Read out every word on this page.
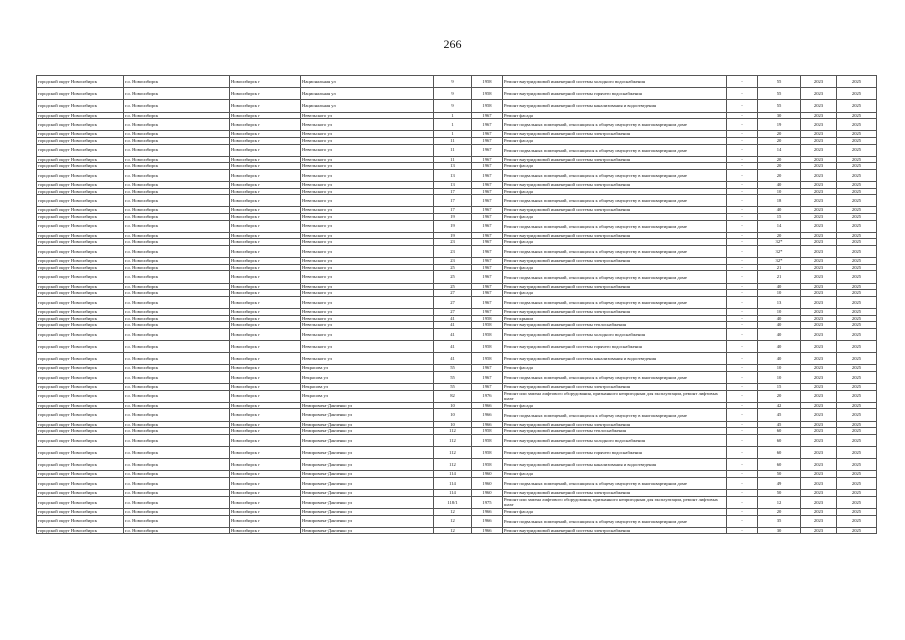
266
городской округ Новосибирск	г.о. Новосибирск	Новосибирск г	Национальная ул	9	1958	Ремонт внутридомовой инженерной системы холодного водоснабжения	-	55	2023	2025
городской округ Новосибирск	г.о. Новосибирск	Новосибирск г	Национальная ул	9	1958	Ремонт внутридомовой инженерной системы горячего водоснабжения	-	55	2023	2025
городской округ Новосибирск	г.о. Новосибирск	Новосибирск г	Национальная ул	9	1958	Ремонт внутридомовой инженерной системы канализования и водоотведения	-	55	2023	2025
городской округ Новосибирск	г.о. Новосибирск	Новосибирск г	Невельского ул	1	1967	Ремонт фасада	-	30	2023	2025
городской округ Новосибирск	г.о. Новосибирск	Новосибирск г	Невельского ул	1	1967	Ремонт подвальных помещений, относящихся к общему имуществу в многоквартирном доме	-	19	2023	2025
городской округ Новосибирск	г.о. Новосибирск	Новосибирск г	Невельского ул	1	1967	Ремонт внутридомовой инженерной системы электроснабжения	-	20	2023	2025
городской округ Новосибирск	г.о. Новосибирск	Новосибирск г	Невельского ул	11	1967	Ремонт фасада	-	20	2023	2025
городской округ Новосибирск	г.о. Новосибирск	Новосибирск г	Невельского ул	11	1967	Ремонт подвальных помещений, относящихся к общему имуществу в многоквартирном доме	-	14	2023	2025
городской округ Новосибирск	г.о. Новосибирск	Новосибирск г	Невельского ул	11	1967	Ремонт внутридомовой инженерной системы электроснабжения	-	20	2023	2025
городской округ Новосибирск	г.о. Новосибирск	Новосибирск г	Невельского ул	13	1967	Ремонт фасада	-	20	2023	2025
городской округ Новосибирск	г.о. Новосибирск	Новосибирск г	Невельского ул	13	1967	Ремонт подвальных помещений, относящихся к общему имуществу в многоквартирном доме	-	20	2023	2025
городской округ Новосибирск	г.о. Новосибирск	Новосибирск г	Невельского ул	13	1967	Ремонт внутридомовой инженерной системы электроснабжения	-	40	2023	2025
городской округ Новосибирск	г.о. Новосибирск	Новосибирск г	Невельского ул	17	1967	Ремонт фасада	-	10	2023	2025
городской округ Новосибирск	г.о. Новосибирск	Новосибирск г	Невельского ул	17	1967	Ремонт подвальных помещений, относящихся к общему имуществу в многоквартирном доме	-	18	2023	2025
городской округ Новосибирск	г.о. Новосибирск	Новосибирск г	Невельского ул	17	1967	Ремонт внутридомовой инженерной системы электроснабжения	-	40	2023	2025
городской округ Новосибирск	г.о. Новосибирск	Новосибирск г	Невельского ул	19	1967	Ремонт фасада	-	15	2023	2025
городской округ Новосибирск	г.о. Новосибирск	Новосибирск г	Невельского ул	19	1967	Ремонт подвальных помещений, относящихся к общему имуществу в многоквартирном доме	-	14	2023	2025
городской округ Новосибирск	г.о. Новосибирск	Новосибирск г	Невельского ул	19	1967	Ремонт внутридомовой инженерной системы электроснабжения	-	20	2023	2025
городской округ Новосибирск	г.о. Новосибирск	Новосибирск г	Невельского ул	23	1967	Ремонт фасада	-	32*	2023	2025
городской округ Новосибирск	г.о. Новосибирск	Новосибирск г	Невельского ул	23	1967	Ремонт подвальных помещений, относящихся к общему имуществу в многоквартирном доме	-	32*	2023	2025
городской округ Новосибирск	г.о. Новосибирск	Новосибирск г	Невельского ул	23	1967	Ремонт внутридомовой инженерной системы электроснабжения	-	32*	2023	2025
городской округ Новосибирск	г.о. Новосибирск	Новосибирск г	Невельского ул	25	1967	Ремонт фасада	-	21	2023	2025
городской округ Новосибирск	г.о. Новосибирск	Новосибирск г	Невельского ул	25	1967	Ремонт подвальных помещений, относящихся к общему имуществу в многоквартирном доме	-	21	2023	2025
городской округ Новосибирск	г.о. Новосибирск	Новосибирск г	Невельского ул	25	1967	Ремонт внутридомовой инженерной системы электроснабжения	-	40	2023	2025
городской округ Новосибирск	г.о. Новосибирск	Новосибирск г	Невельского ул	27	1967	Ремонт фасада	-	10	2023	2025
городской округ Новосибирск	г.о. Новосибирск	Новосибирск г	Невельского ул	27	1967	Ремонт подвальных помещений, относящихся к общему имуществу в многоквартирном доме	-	13	2023	2025
городской округ Новосибирск	г.о. Новосибирск	Новосибирск г	Невельского ул	27	1967	Ремонт внутридомовой инженерной системы электроснабжения	-	10	2023	2025
городской округ Новосибирск	г.о. Новосибирск	Новосибирск г	Невельского ул	41	1958	Ремонт крыши	-	40	2023	2025
городской округ Новосибирск	г.о. Новосибирск	Новосибирск г	Невельского ул	41	1958	Ремонт внутридомовой инженерной системы теплоснабжения	-	40	2023	2025
городской округ Новосибирск	г.о. Новосибирск	Новосибирск г	Невельского ул	41	1958	Ремонт внутридомовой инженерной системы холодного водоснабжения	-	40	2023	2025
городской округ Новосибирск	г.о. Новосибирск	Новосибирск г	Невельского ул	41	1958	Ремонт внутридомовой инженерной системы горячего водоснабжения	-	40	2023	2025
городской округ Новосибирск	г.о. Новосибирск	Новосибирск г	Невельского ул	41	1958	Ремонт внутридомовой инженерной системы канализования и водоотведения	-	40	2023	2025
городской округ Новосибирск	г.о. Новосибирск	Новосибирск г	Некрасова ул	55	1967	Ремонт фасада	-	10	2023	2025
городской округ Новосибирск	г.о. Новосибирск	Новосибирск г	Некрасова ул	55	1967	Ремонт подвальных помещений, относящихся к общему имуществу в многоквартирном доме	-	10	2023	2025
городской округ Новосибирск	г.о. Новосибирск	Новосибирск г	Некрасова ул	55	1967	Ремонт внутридомовой инженерной системы электроснабжения	-	15	2023	2025
городской округ Новосибирск	г.о. Новосибирск	Новосибирск г	Некрасова ул	82	1976	Ремонт или замена лифтового оборудования, признанного непригодным для эксплуатации, ремонт лифтовых шахт	-	20	2023	2025
городской округ Новосибирск	г.о. Новосибирск	Новосибирск г	Немировича-Данченко ул	10	1966	Ремонт фасада	-	42	2023	2025
городской округ Новосибирск	г.о. Новосибирск	Новосибирск г	Немировича-Данченко ул	10	1966	Ремонт подвальных помещений, относящихся к общему имуществу в многоквартирном доме	-	45	2023	2025
городской округ Новосибирск	г.о. Новосибирск	Новосибирск г	Немировича-Данченко ул	10	1966	Ремонт внутридомовой инженерной системы электроснабжения	-	45	2023	2025
городской округ Новосибирск	г.о. Новосибирск	Новосибирск г	Немировича-Данченко ул	112	1958	Ремонт внутридомовой инженерной системы теплоснабжения	-	60	2023	2025
городской округ Новосибирск	г.о. Новосибирск	Новосибирск г	Немировича-Данченко ул	112	1958	Ремонт внутридомовой инженерной системы холодного водоснабжения	-	60	2023	2025
городской округ Новосибирск	г.о. Новосибирск	Новосибирск г	Немировича-Данченко ул	112	1958	Ремонт внутридомовой инженерной системы горячего водоснабжения	-	60	2023	2025
городской округ Новосибирск	г.о. Новосибирск	Новосибирск г	Немировича-Данченко ул	112	1958	Ремонт внутридомовой инженерной системы канализования и водоотведения	-	60	2023	2025
городской округ Новосибирск	г.о. Новосибирск	Новосибирск г	Немировича-Данченко ул	114	1960	Ремонт фасада	-	50	2023	2025
городской округ Новосибирск	г.о. Новосибирск	Новосибирск г	Немировича-Данченко ул	114	1960	Ремонт подвальных помещений, относящихся к общему имуществу в многоквартирном доме	-	49	2023	2025
городской округ Новосибирск	г.о. Новосибирск	Новосибирск г	Немировича-Данченко ул	114	1960	Ремонт внутридомовой инженерной системы электроснабжения	-	50	2023	2025
городской округ Новосибирск	г.о. Новосибирск	Новосибирск г	Немировича-Данченко ул	118/1	1975	Ремонт или замена лифтового оборудования, признанного непригодным для эксплуатации, ремонт лифтовых шахт	-	12	2023	2025
городской округ Новосибирск	г.о. Новосибирск	Новосибирск г	Немировича-Данченко ул	12	1966	Ремонт фасада	-	20	2023	2025
городской округ Новосибирск	г.о. Новосибирск	Новосибирск г	Немировича-Данченко ул	12	1966	Ремонт подвальных помещений, относящихся к общему имуществу в многоквартирном доме	-	35	2023	2025
городской округ Новосибирск	г.о. Новосибирск	Новосибирск г	Немировича-Данченко ул	12	1966	Ремонт внутридомовой инженерной системы электроснабжения	-	30	2023	2025
